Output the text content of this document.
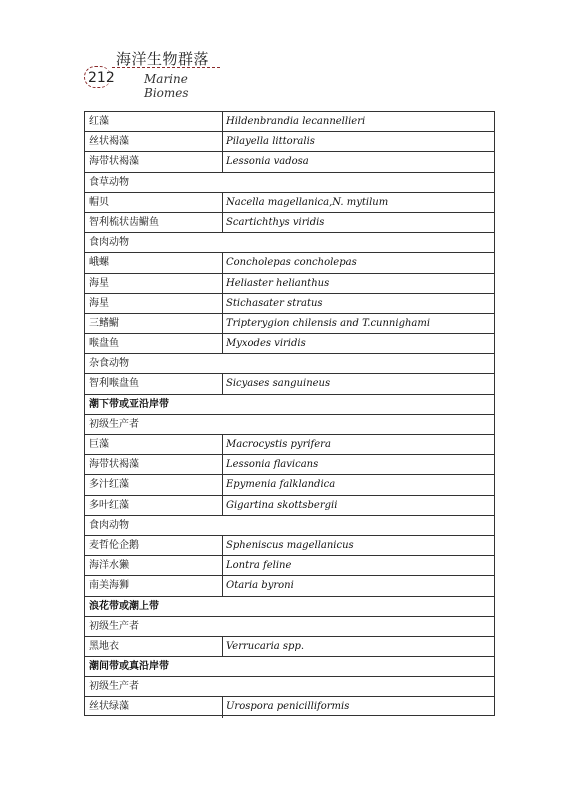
海洋生物群落
212 Marine Biomes
红藻	Hildenbrandia lecannellieri
丝状褐藻	Pilayella littoralis
海带状褐藻	Lessonia vadosa
食草动物
帽贝	Nacella magellanica,N. mytilum
智利梳状齿鳚鱼	Scartichthys viridis
食肉动物
峨螺	Concholepas concholepas
海星	Heliaster helianthus
海星	Stichasater stratus
三鳍鳚	Tripterygion chilensis and T.cunnighami
喉盘鱼	Myxodes viridis
杂食动物
智利喉盘鱼	Sicyases sanguineus
潮下带或亚沿岸带
初级生产者
巨藻	Macrocystis pyrifera
海带状褐藻	Lessonia flavicans
多汁红藻	Epymenia falklandica
多叶红藻	Gigartina skottsbergii
食肉动物
麦哲伦企鹅	Spheniscus magellanicus
海洋水獭	Lontra feline
南美海狮	Otaria byroni
浪花带或潮上带
初级生产者
黑地衣	Verrucaria spp.
潮间带或真沿岸带
初级生产者
丝状绿藻	Urospora penicilliformis
